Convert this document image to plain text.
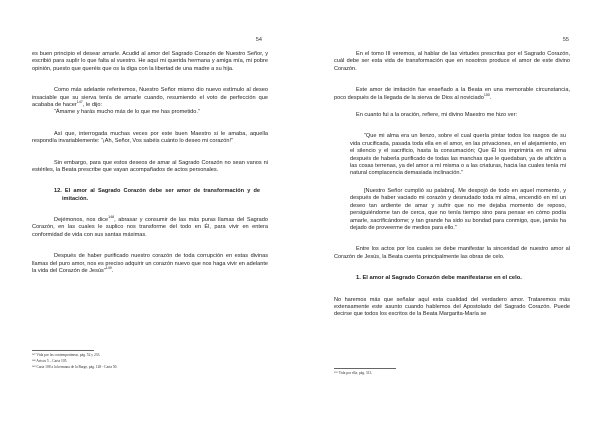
54

es buen principio el desear amarle. Acudid al amor del Sagrado Corazón de Nuestro Señor, y escribió para suplir lo que falta al vuestro. He aquí mi querida hermana y amiga mía, mi pobre opinión, puesto que queréis que os la diga con la libertad de una madre a su hija.

Como más adelante referiremos, Nuestro Señor mismo dio nuevo estímulo al deseo insaciable que su sierva tenía de amarle cuando, resumiendo el voto de perfección que acababa de hacer$^{147}$, le dijo:

“Ámame y harás mucho más de lo que me has prometido.”

Así que, interrogada muchas veces por este buen Maestro si le amaba, aquella respondía invariablemente: “¡Ah, Señor, Vos sabéis cuánto lo deseo mi corazón!”

Sin embargo, para que estos deseos de amar al Sagrado Corazón no sean vanos ni estériles, la Beata prescribe que vayan acompañados de actos personales.

12. El amor al Sagrado Corazón debe ser amor de transformación y de imitación.

Dejémonos, nos dice$^{148}$, abrasar y consumir de las más puras llamas del Sagrado Corazón, en las cuales le suplico nos transforme del todo en Él, para vivir en entera conformidad de vida con sus santas máximas.

Después de haber purificado nuestro corazón de toda corrupción en estas divinas llamas del puro amor, nos es preciso adquirir un corazón nuevo que nos haga vivir en adelante la vida del Corazón de Jesús”$^{149}$.

¹⁴⁷ Vida por las contemporáneas, pág. 52 y 233.
¹⁴⁸ Avisos 5 – Carta 105.
¹⁴⁹ Carta 108 a la hermana de la Barge, pág. 128 - Carta 50.
55

En el tomo III veremos, al hablar de las virtudes prescritas por el Sagrado Corazón, cuál debe ser esta vida de transformación que en nosotros produce el amor de este divino Corazón.

Este amor de imitación fue enseñado a la Beata en una memorable circunstancia, poco después de la llegada de la sierva de Dios al noviciado$^{150}$.

En cuanto fui a la oración, refiere, mi divino Maestro me hizo ver:

“Que mi alma era un lienzo, sobre el cual quería pintar todos los rasgos de su vida crucificada, pasada toda ella en el amor, en las privaciones, en el alejamiento, en el silencio y el sacrificio, hasta la consumación; Que Él los imprimiría en mi alma después de haberla purificado de todas las manchas que le quedaban, ya de afición a las cosas terrenas, ya del amor a mí misma o a las criaturas, hacia las cuales tenía mi natural complacencia demasiada inclinación.”

[Nuestro Señor cumplió su palabra]. Me despojó de todo en aquel momento, y después de haber vaciado mi corazón y desnudado toda mi alma, encendió en mí un deseo tan ardiente de amar y sufrir que no me dejaba momento de reposo, persiguiéndome tan de cerca, que no tenía tiempo sino para pensar en cómo podía amarle, sacrificándome; y tan grande ha sido su bondad para conmigo, que, jamás ha dejado de proveerme de medios para ello.”

Entre los actos por los cuales se debe manifestar la sinceridad de nuestro amor al Corazón de Jesús, la Beata cuenta principalmente las obras de celo.

1. El amor al Sagrado Corazón debe manifestarse en el celo.

No haremos más que señalar aquí esta cualidad del verdadero amor. Trataremos más extensamente este asunto cuando hablemos del Apostolado del Sagrado Corazón. Puede decirse que todos los escritos de la Beata Margarita-María se

¹⁵⁰ Vida por ella, pág. 313.
